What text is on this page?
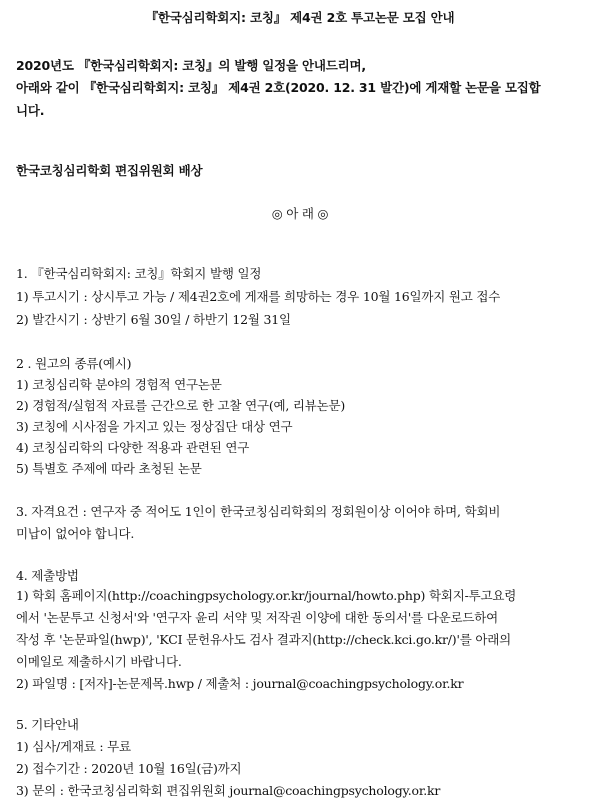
『한국심리학회지: 코칭』 제4권 2호 투고논문 모집 안내
2020년도 『한국심리학회지: 코칭』의 발행 일정을 안내드리며,
아래와 같이 『한국심리학회지: 코칭』 제4권 2호(2020. 12. 31 발간)에 게재할 논문을 모집합
니다.
한국코칭심리학회 편집위원회 배상
◎ 아 래 ◎
1. 『한국심리학회지: 코칭』학회지 발행 일정
1) 투고시기 : 상시투고 가능 / 제4권2호에 게재를 희망하는 경우 10월 16일까지 원고 접수
2) 발간시기 : 상반기 6월 30일 / 하반기 12월 31일
2 . 원고의 종류(예시)
1) 코칭심리학 분야의 경험적 연구논문
2) 경험적/실험적 자료를 근간으로 한 고찰 연구(예, 리뷰논문)
3) 코칭에 시사점을 가지고 있는 정상집단 대상 연구
4) 코칭심리학의 다양한 적용과 관련된 연구
5) 특별호 주제에 따라 초청된 논문
3. 자격요건 : 연구자 중 적어도 1인이 한국코칭심리학회의 정회원이상 이어야 하며, 학회비
미납이 없어야 합니다.
4. 제출방법
1) 학회 홈페이지(http://coachingpsychology.or.kr/journal/howto.php) 학회지-투고요령
에서 '논문투고 신청서'와 '연구자 윤리 서약 및 저작권 이양에 대한 동의서'를 다운로드하여
작성 후 '논문파일(hwp)', 'KCI 문헌유사도 검사 결과지(http://check.kci.go.kr/)'를 아래의
이메일로 제출하시기 바랍니다.
2) 파일명 : [저자]-논문제목.hwp / 제출처 : journal@coachingpsychology.or.kr
5. 기타안내
1) 심사/게재료 : 무료
2) 접수기간 : 2020년 10월 16일(금)까지
3) 문의 : 한국코칭심리학회 편집위원회 journal@coachingpsychology.or.kr
